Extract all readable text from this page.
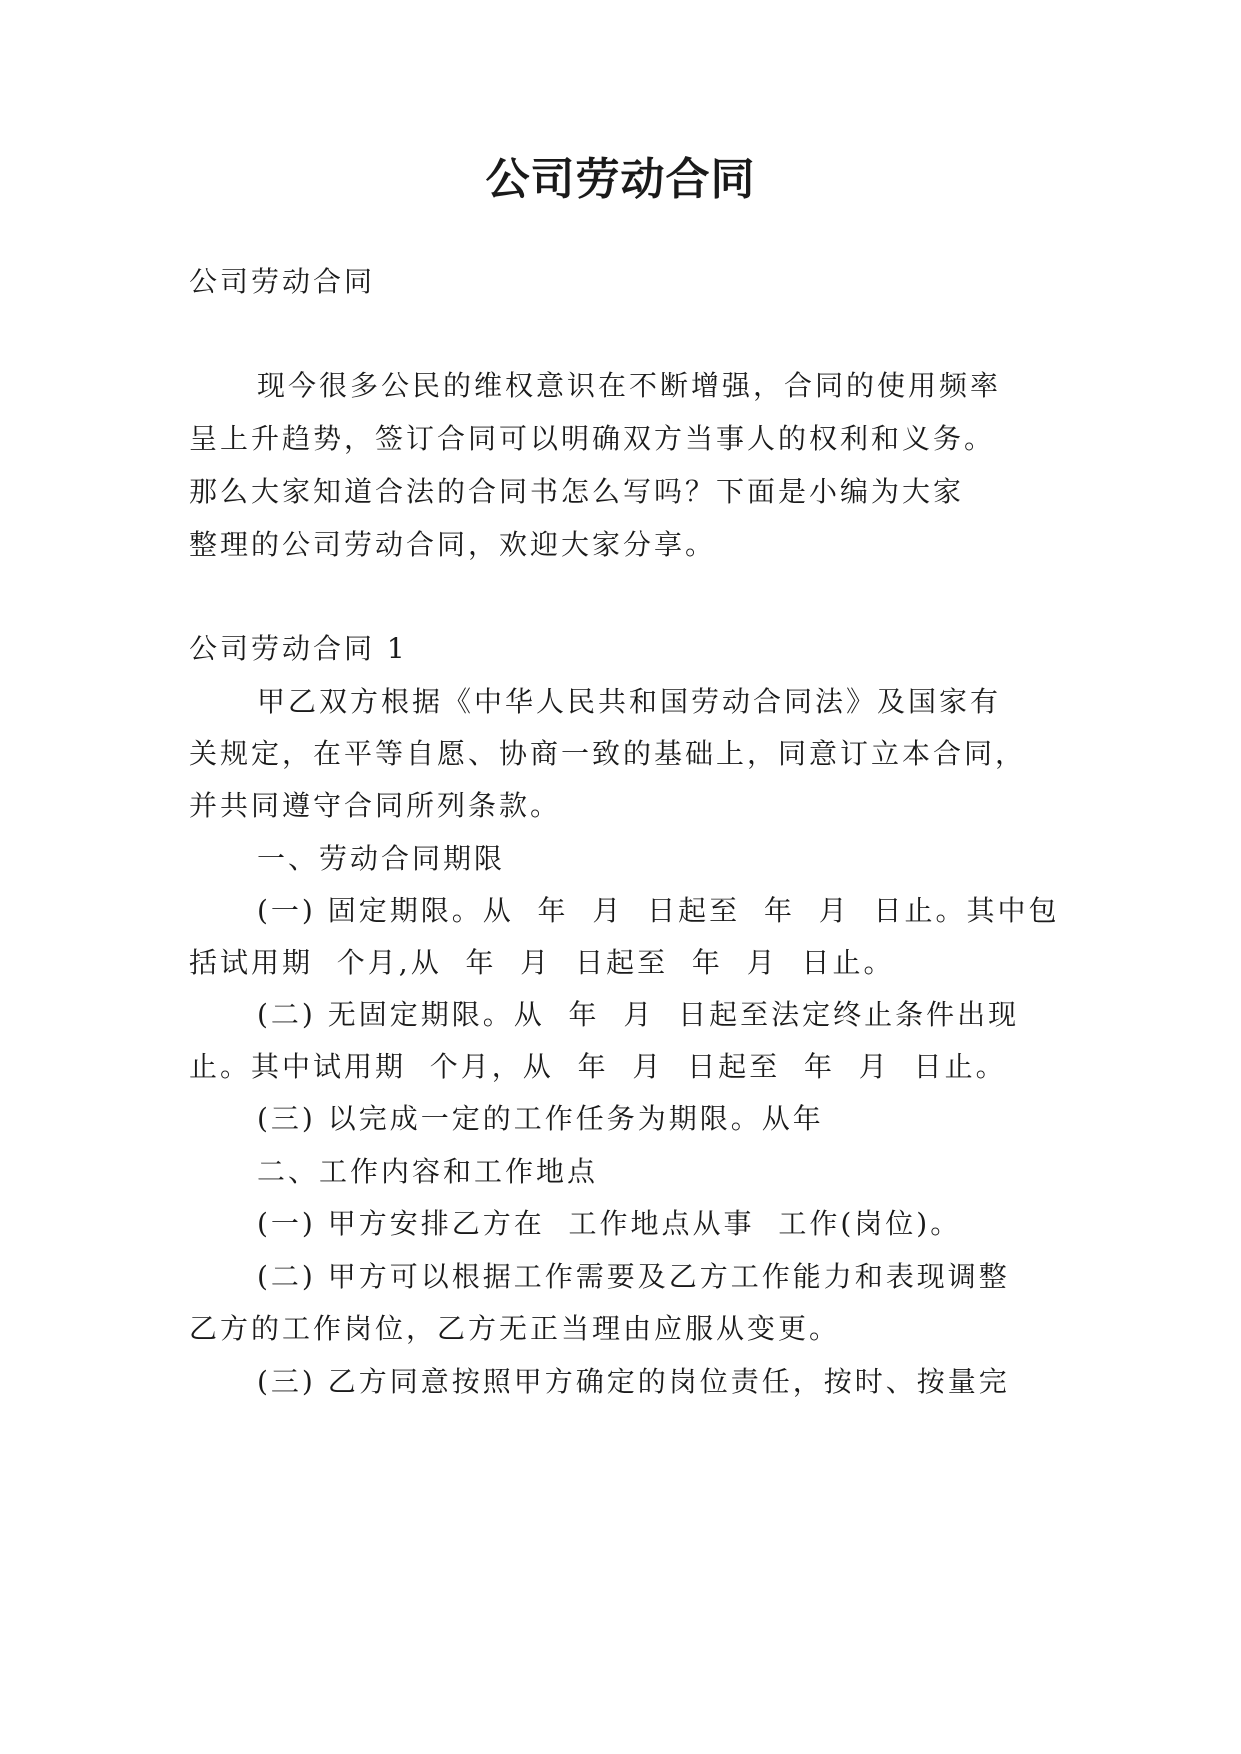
公司劳动合同
公司劳动合同
现今很多公民的维权意识在不断增强，合同的使用频率
呈上升趋势，签订合同可以明确双方当事人的权利和义务。
那么大家知道合法的合同书怎么写吗？下面是小编为大家
整理的公司劳动合同，欢迎大家分享。
公司劳动合同 1
甲乙双方根据《中华人民共和国劳动合同法》及国家有
关规定，在平等自愿、协商一致的基础上，同意订立本合同，
并共同遵守合同所列条款。
一、劳动合同期限
(一) 固定期限。从  年  月  日起至  年  月  日止。其中包
括试用期  个月,从  年  月  日起至  年  月  日止。
(二) 无固定期限。从  年  月  日起至法定终止条件出现
止。其中试用期  个月，从  年  月  日起至  年  月  日止。
(三) 以完成一定的工作任务为期限。从年
二、工作内容和工作地点
(一) 甲方安排乙方在  工作地点从事  工作(岗位)。
(二) 甲方可以根据工作需要及乙方工作能力和表现调整
乙方的工作岗位，乙方无正当理由应服从变更。
(三) 乙方同意按照甲方确定的岗位责任，按时、按量完
